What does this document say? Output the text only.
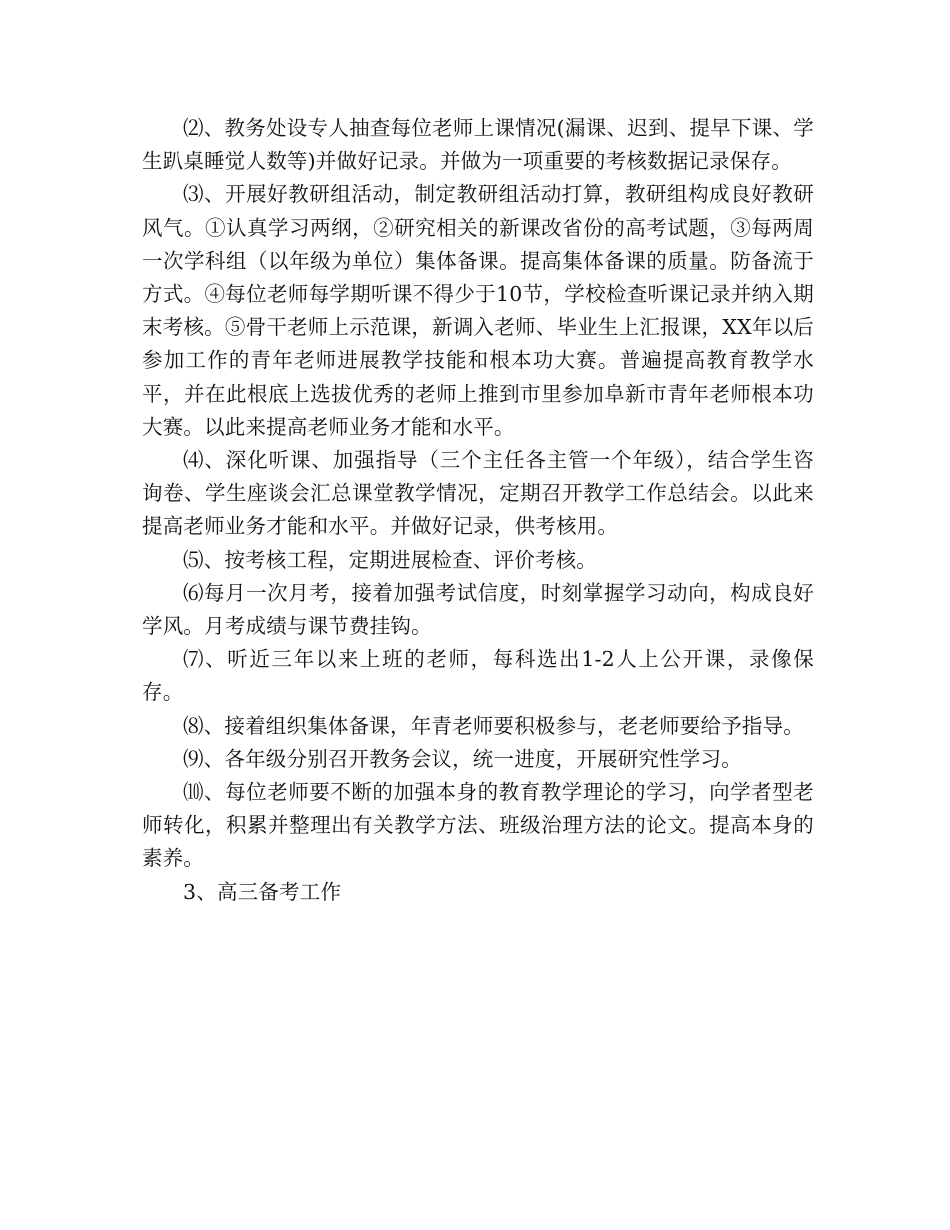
⑵、教务处设专人抽查每位老师上课情况(漏课、迟到、提早下课、学生趴桌睡觉人数等)并做好记录。并做为一项重要的考核数据记录保存。

⑶、开展好教研组活动，制定教研组活动打算，教研组构成良好教研风气。①认真学习两纲，②研究相关的新课改省份的高考试题，③每两周一次学科组（以年级为单位）集体备课。提高集体备课的质量。防备流于方式。④每位老师每学期听课不得少于10节，学校检查听课记录并纳入期末考核。⑤骨干老师上示范课，新调入老师、毕业生上汇报课，XX年以后参加工作的青年老师进展教学技能和根本功大赛。普遍提高教育教学水平，并在此根底上选拔优秀的老师上推到市里参加阜新市青年老师根本功大赛。以此来提高老师业务才能和水平。

⑷、深化听课、加强指导（三个主任各主管一个年级），结合学生咨询卷、学生座谈会汇总课堂教学情况，定期召开教学工作总结会。以此来提高老师业务才能和水平。并做好记录，供考核用。

⑸、按考核工程，定期进展检查、评价考核。

⑹每月一次月考，接着加强考试信度，时刻掌握学习动向，构成良好学风。月考成绩与课节费挂钩。

⑺、听近三年以来上班的老师，每科选出1-2人上公开课，录像保存。

⑻、接着组织集体备课，年青老师要积极参与，老老师要给予指导。

⑼、各年级分别召开教务会议，统一进度，开展研究性学习。

⑽、每位老师要不断的加强本身的教育教学理论的学习，向学者型老师转化，积累并整理出有关教学方法、班级治理方法的论文。提高本身的素养。

3、高三备考工作
